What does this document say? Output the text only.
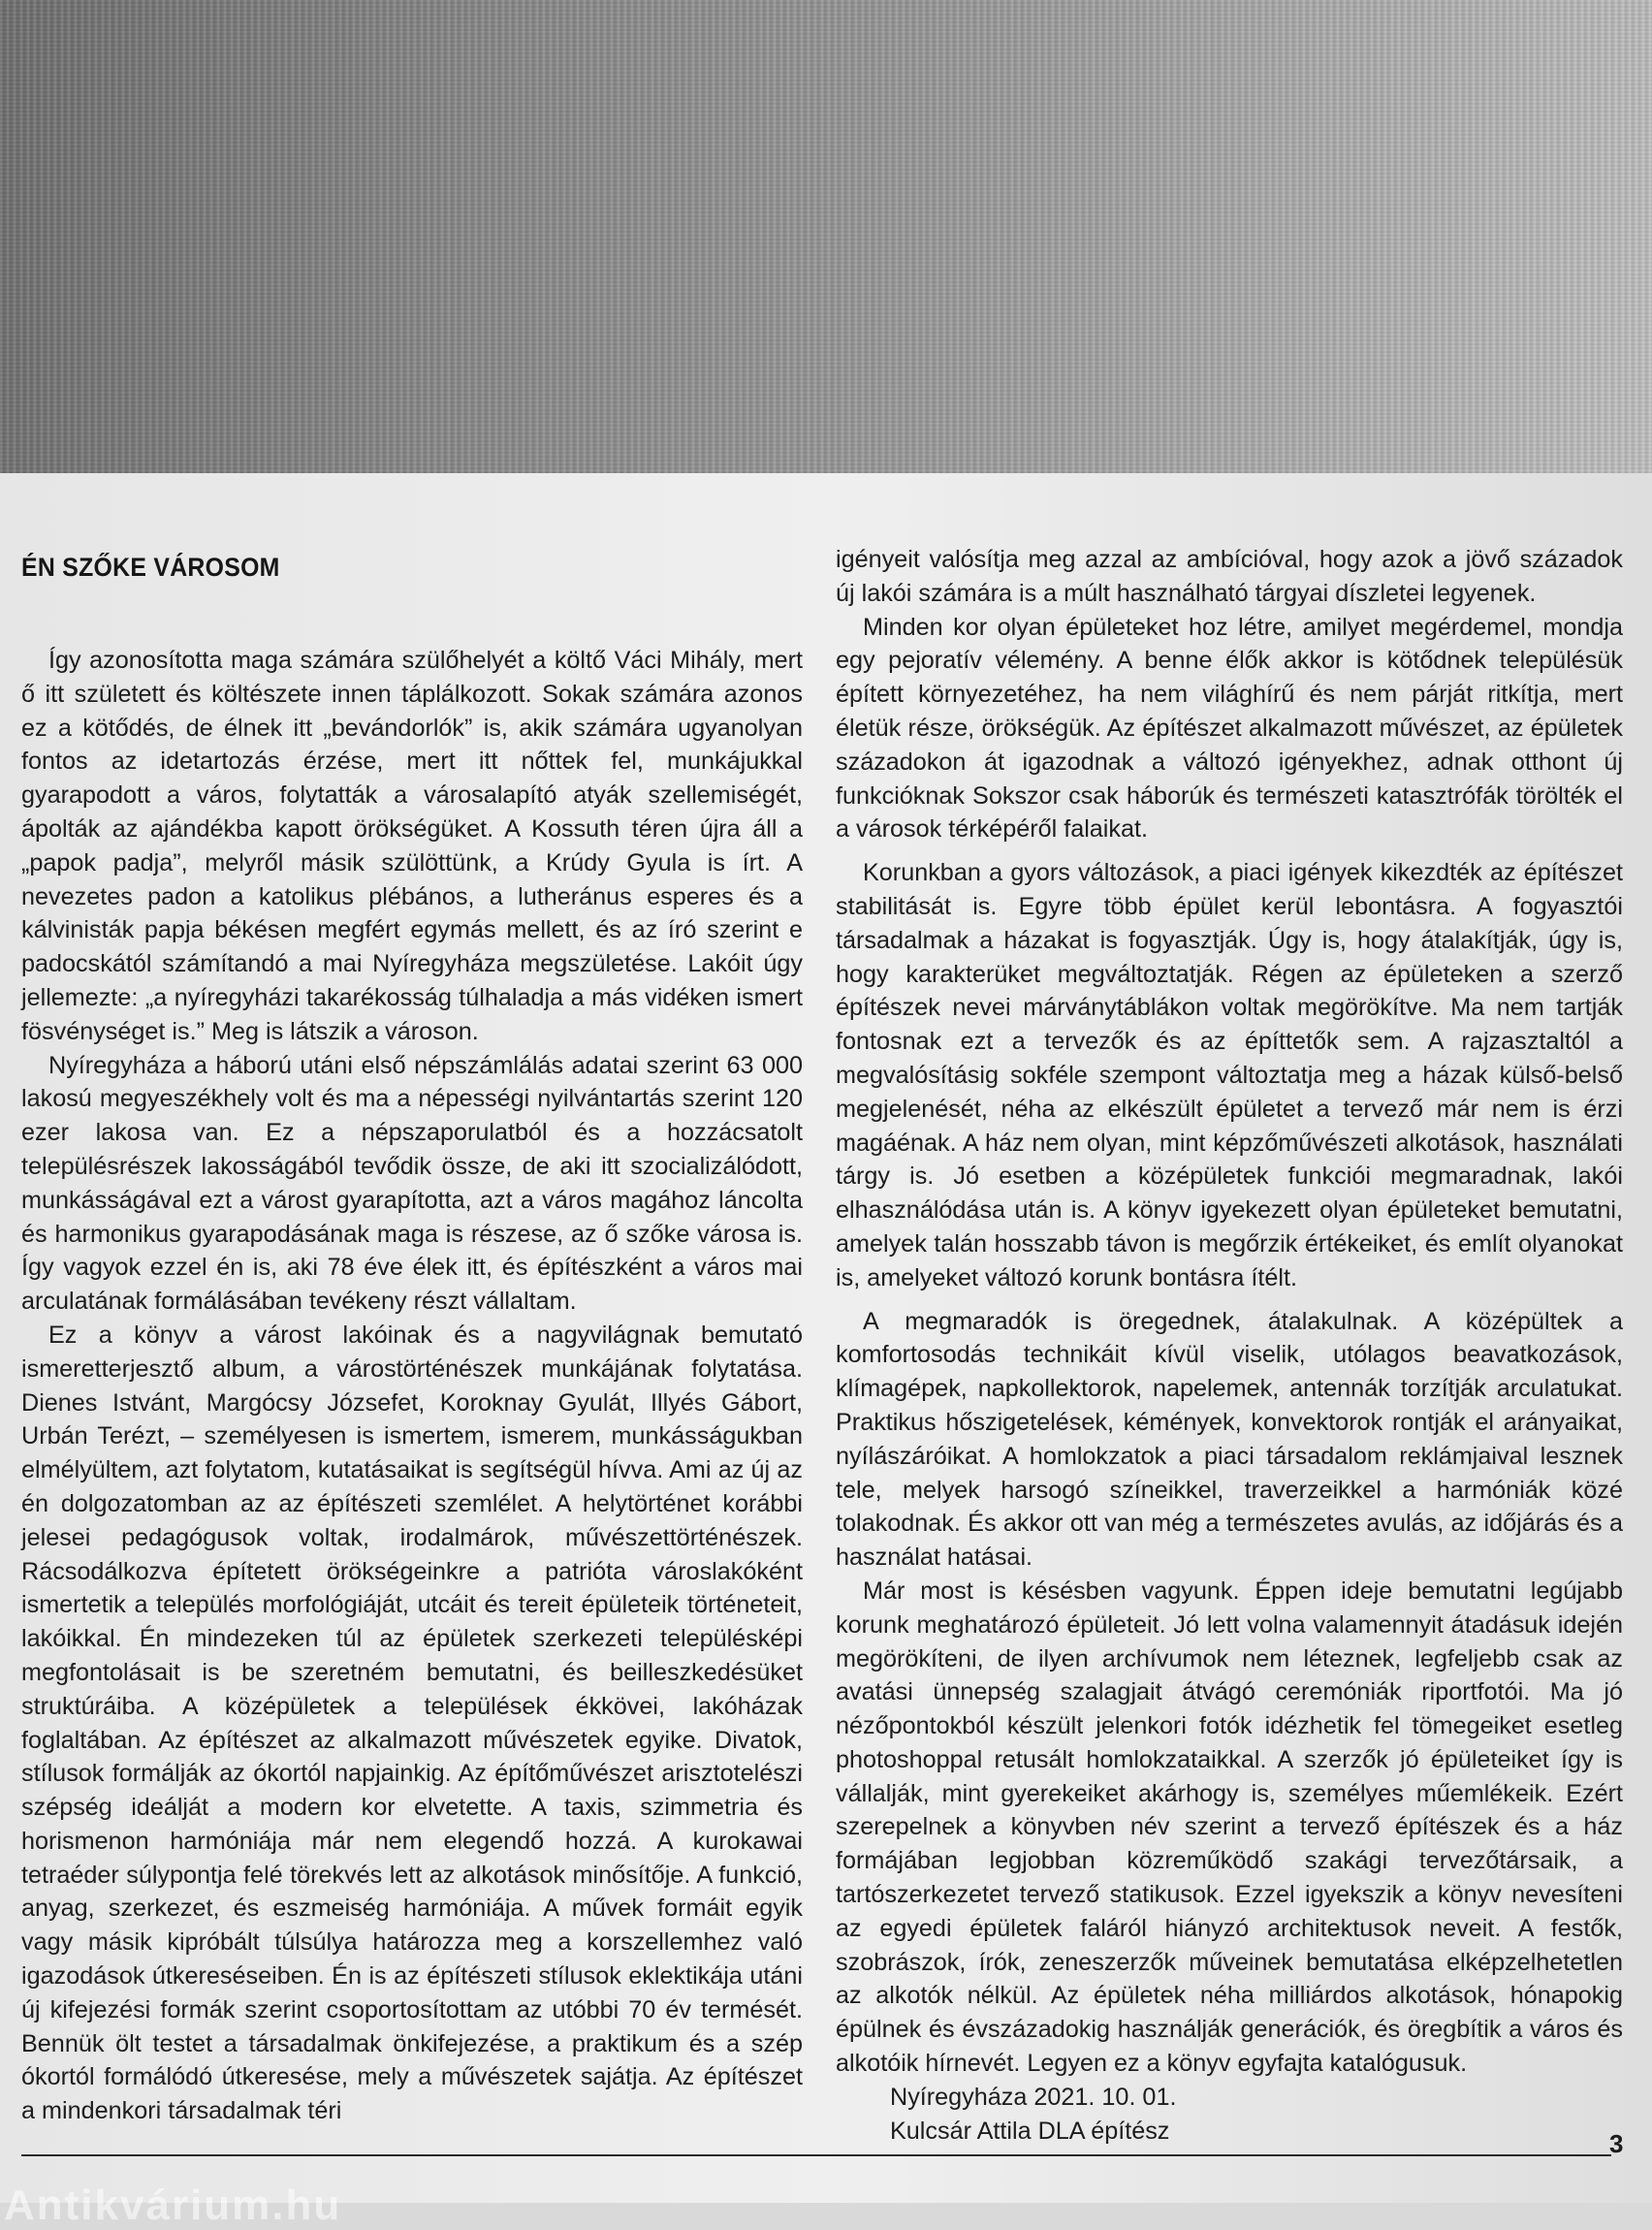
ÉN SZŐKE VÁROSOM

Így azonosította maga számára szülőhelyét a költő Váci Mihály, mert ő itt született és költészete innen táplálkozott. Sokak számára azonos ez a kötődés, de élnek itt „bevándorlók” is, akik számára ugyanolyan fontos az idetartozás érzése, mert itt nőttek fel, munkájukkal gyarapodott a város, folytatták a városalapító atyák szellemiségét, ápolták az ajándékba kapott örökségüket. A Kossuth téren újra áll a „papok padja”, melyről másik szülöttünk, a Krúdy Gyula is írt. A nevezetes padon a katolikus plébános, a lutheránus esperes és a kálvinisták papja békésen megfért egymás mellett, és az író szerint e padocskától számítandó a mai Nyíregyháza megszületése. Lakóit úgy jellemezte: „a nyíregyházi takarékosság túlhaladja a más vidéken ismert fösvénységet is.” Meg is látszik a városon.

Nyíregyháza a háború utáni első népszámlálás adatai szerint 63 000 lakosú megyeszékhely volt és ma a népességi nyilvántartás szerint 120 ezer lakosa van. Ez a népszaporulatból és a hozzácsatolt településrészek lakosságából tevődik össze, de aki itt szocializálódott, munkásságával ezt a várost gyarapította, azt a város magához láncolta és harmonikus gyarapodásának maga is részese, az ő szőke városa is. Így vagyok ezzel én is, aki 78 éve élek itt, és építészként a város mai arculatának formálásában tevékeny részt vállaltam.

Ez a könyv a várost lakóinak és a nagyvilágnak bemutató ismeretterjesztő album, a várostörténészek munkájának folytatása. Dienes Istvánt, Margócsy Józsefet, Koroknay Gyulát, Illyés Gábort, Urbán Terézt, – személyesen is ismertem, ismerem, munkásságukban elmélyültem, azt folytatom, kutatásaikat is segítségül hívva. Ami az új az én dolgozatomban az az építészeti szemlélet. A helytörténet korábbi jelesei pedagógusok voltak, irodalmárok, művészettörténészek. Rácsodálkozva építetett örökségeinkre a patrióta városlakóként ismertetik a település morfológiáját, utcáit és tereit épületeik történeteit, lakóikkal. Én mindezeken túl az épületek szerkezeti településképi megfontolásait is be szeretném bemutatni, és beilleszkedésüket struktúráiba. A középületek a települések ékkövei, lakóházak foglaltában. Az építészet az alkalmazott művészetek egyike. Divatok, stílusok formálják az ókortól napjainkig. Az építőművészet arisztotelészi szépség ideálját a modern kor elvetette. A taxis, szimmetria és horismenon harmóniája már nem elegendő hozzá. A kurokawai tetraéder súlypontja felé törekvés lett az alkotások minősítője. A funkció, anyag, szerkezet, és eszmeiség harmóniája. A művek formáit egyik vagy másik kipróbált túlsúlya határozza meg a korszellemhez való igazodások útkereséseiben. Én is az építészeti stílusok eklektikája utáni új kifejezési formák szerint csoportosítottam az utóbbi 70 év termését. Bennük ölt testet a társadalmak önkifejezése, a praktikum és a szép ókortól formálódó útkeresése, mely a művészetek sajátja. Az építészet a mindenkori társadalmak téri

igényeit valósítja meg azzal az ambícióval, hogy azok a jövő századok új lakói számára is a múlt használható tárgyai díszletei legyenek.

Minden kor olyan épületeket hoz létre, amilyet megérdemel, mondja egy pejoratív vélemény. A benne élők akkor is kötődnek településük épített környezetéhez, ha nem világhírű és nem párját ritkítja, mert életük része, örökségük. Az építészet alkalmazott művészet, az épületek századokon át igazodnak a változó igényekhez, adnak otthont új funkcióknak Sokszor csak háborúk és természeti katasztrófák törölték el a városok térképéről falaikat.

Korunkban a gyors változások, a piaci igények kikezdték az építészet stabilitását is. Egyre több épület kerül lebontásra. A fogyasztói társadalmak a házakat is fogyasztják. Úgy is, hogy átalakítják, úgy is, hogy karakterüket megváltoztatják. Régen az épületeken a szerző építészek nevei márványtáblákon voltak megörökítve. Ma nem tartják fontosnak ezt a tervezők és az építtetők sem. A rajzasztaltól a megvalósításig sokféle szempont változtatja meg a házak külső-belső megjelenését, néha az elkészült épületet a tervező már nem is érzi magáénak. A ház nem olyan, mint képzőművészeti alkotások, használati tárgy is. Jó esetben a középületek funkciói megmaradnak, lakói elhasználódása után is. A könyv igyekezett olyan épületeket bemutatni, amelyek talán hosszabb távon is megőrzik értékeiket, és említ olyanokat is, amelyeket változó korunk bontásra ítélt.

A megmaradók is öregednek, átalakulnak. A középültek a komfortosodás technikáit kívül viselik, utólagos beavatkozások, klímagépek, napkollektorok, napelemek, antennák torzítják arculatukat. Praktikus hőszigetelések, kémények, konvektorok rontják el arányaikat, nyílászáróikat. A homlokzatok a piaci társadalom reklámjaival lesznek tele, melyek harsogó színeikkel, traverzeikkel a harmóniák közé tolakodnak. És akkor ott van még a természetes avulás, az időjárás és a használat hatásai.

Már most is késésben vagyunk. Éppen ideje bemutatni legújabb korunk meghatározó épületeit. Jó lett volna valamennyit átadásuk idején megörökíteni, de ilyen archívumok nem léteznek, legfeljebb csak az avatási ünnepség szalagjait átvágó ceremóniák riportfotói. Ma jó nézőpontokból készült jelenkori fotók idézhetik fel tömegeiket esetleg photoshoppal retusált homlokzataikkal. A szerzők jó épületeiket így is vállalják, mint gyerekeiket akárhogy is, személyes műemlékeik. Ezért szerepelnek a könyvben név szerint a tervező építészek és a ház formájában legjobban közreműködő szakági tervezőtársaik, a tartószerkezetet tervező statikusok. Ezzel igyekszik a könyv nevesíteni az egyedi épületek faláról hiányzó architektusok neveit. A festők, szobrászok, írók, zeneszerzők műveinek bemutatása elképzelhetetlen az alkotók nélkül. Az épületek néha milliárdos alkotások, hónapokig épülnek és évszázadokig használják generációk, és öregbítik a város és alkotóik hírnevét. Legyen ez a könyv egyfajta katalógusuk.

Nyíregyháza 2021. 10. 01.

Kulcsár Attila DLA építész	3
Antikvárium.hu
